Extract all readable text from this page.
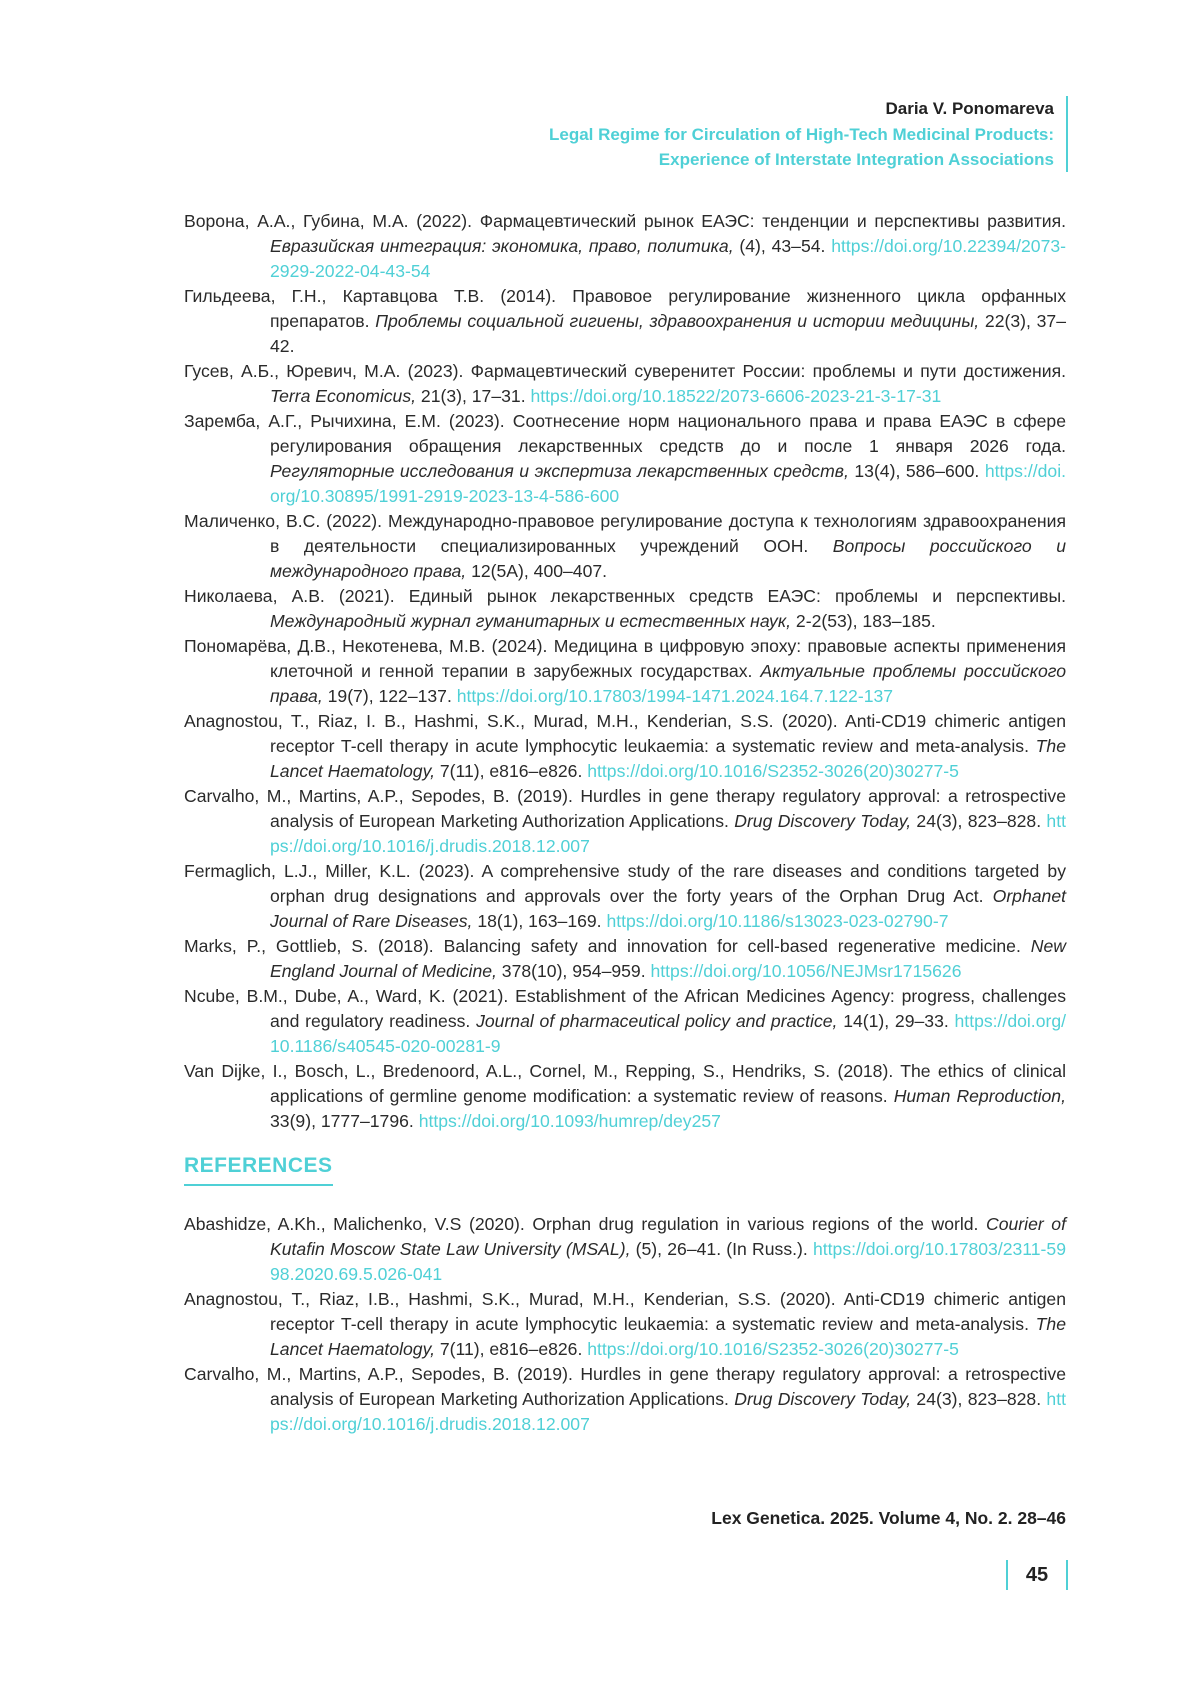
Daria V. Ponomareva
Legal Regime for Circulation of High-Tech Medicinal Products:
Experience of Interstate Integration Associations

Ворона, А.А., Губина, М.А. (2022). Фармацевтический рынок ЕАЭС: тенденции и перспективы развития. Евразийская интеграция: экономика, право, политика, (4), 43–54. https://doi.org/10.22394/2073-2929-2022-04-43-54

Гильдеева, Г.Н., Картавцова Т.В. (2014). Правовое регулирование жизненного цикла орфанных препаратов. Проблемы социальной гигиены, здравоохранения и истории медицины, 22(3), 37–42.

Гусев, А.Б., Юревич, М.А. (2023). Фармацевтический суверенитет России: проблемы и пути достижения. Terra Economicus, 21(3), 17–31. https://doi.org/10.18522/2073-6606-2023-21-3-17-31

Заремба, А.Г., Рычихина, Е.М. (2023). Соотнесение норм национального права и права ЕАЭС в сфере регулирования обращения лекарственных средств до и после 1 января 2026 года. Регуляторные исследования и экспертиза лекарственных средств, 13(4), 586–600. https://doi.org/10.30895/1991-2919-2023-13-4-586-600

Маличенко, В.С. (2022). Международно-правовое регулирование доступа к технологиям здравоохранения в деятельности специализированных учреждений ООН. Вопросы российского и международного права, 12(5А), 400–407.

Николаева, А.В. (2021). Единый рынок лекарственных средств ЕАЭС: проблемы и перспективы. Международный журнал гуманитарных и естественных наук, 2-2(53), 183–185.

Пономарёва, Д.В., Некотенева, М.В. (2024). Медицина в цифровую эпоху: правовые аспекты применения клеточной и генной терапии в зарубежных государствах. Актуальные проблемы российского права, 19(7), 122–137. https://doi.org/10.17803/1994-1471.2024.164.7.122-137

Anagnostou, T., Riaz, I. B., Hashmi, S.K., Murad, M.H., Kenderian, S.S. (2020). Anti-CD19 chimeric antigen receptor T-cell therapy in acute lymphocytic leukaemia: a systematic review and meta-analysis. The Lancet Haematology, 7(11), e816–e826. https://doi.org/10.1016/S2352-3026(20)30277-5

Carvalho, M., Martins, A.P., Sepodes, B. (2019). Hurdles in gene therapy regulatory approval: a retrospective analysis of European Marketing Authorization Applications. Drug Discovery Today, 24(3), 823–828. https://doi.org/10.1016/j.drudis.2018.12.007

Fermaglich, L.J., Miller, K.L. (2023). A comprehensive study of the rare diseases and conditions targeted by orphan drug designations and approvals over the forty years of the Orphan Drug Act. Orphanet Journal of Rare Diseases, 18(1), 163–169. https://doi.org/10.1186/s13023-023-02790-7

Marks, P., Gottlieb, S. (2018). Balancing safety and innovation for cell-based regenerative medicine. New England Journal of Medicine, 378(10), 954–959. https://doi.org/10.1056/NEJMsr1715626

Ncube, B.M., Dube, A., Ward, K. (2021). Establishment of the African Medicines Agency: progress, challenges and regulatory readiness. Journal of pharmaceutical policy and practice, 14(1), 29–33. https://doi.org/10.1186/s40545-020-00281-9

Van Dijke, I., Bosch, L., Bredenoord, A.L., Cornel, M., Repping, S., Hendriks, S. (2018). The ethics of clinical applications of germline genome modification: a systematic review of reasons. Human Reproduction, 33(9), 1777–1796. https://doi.org/10.1093/humrep/dey257

REFERENCES

Abashidze, A.Kh., Malichenko, V.S (2020). Orphan drug regulation in various regions of the world. Courier of Kutafin Moscow State Law University (MSAL), (5), 26–41. (In Russ.). https://doi.org/10.17803/2311-5998.2020.69.5.026-041

Anagnostou, T., Riaz, I.B., Hashmi, S.K., Murad, M.H., Kenderian, S.S. (2020). Anti-CD19 chimeric antigen receptor T-cell therapy in acute lymphocytic leukaemia: a systematic review and meta-analysis. The Lancet Haematology, 7(11), e816–e826. https://doi.org/10.1016/S2352-3026(20)30277-5

Carvalho, M., Martins, A.P., Sepodes, B. (2019). Hurdles in gene therapy regulatory approval: a retrospective analysis of European Marketing Authorization Applications. Drug Discovery Today, 24(3), 823–828. https://doi.org/10.1016/j.drudis.2018.12.007

Lex Genetica. 2025. Volume 4, No. 2. 28–46
45
